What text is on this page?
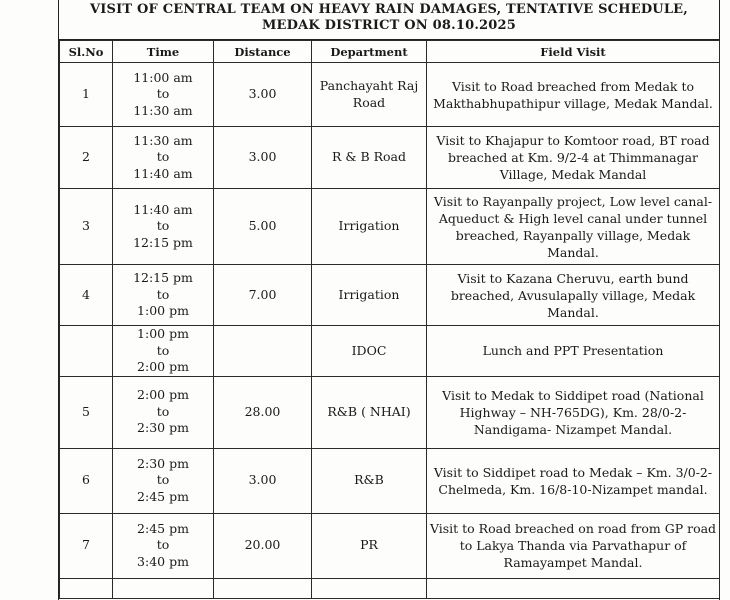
VISIT OF CENTRAL TEAM ON HEAVY RAIN DAMAGES, TENTATIVE SCHEDULE,
MEDAK DISTRICT ON 08.10.2025
Sl.No	Time	Distance	Department	Field Visit
1	11:00 am
to
11:30 am	3.00	Panchayaht Raj Road	Visit to Road breached from Medak to Makthabhupathipur village, Medak Mandal.
2	11:30 am
to
11:40 am	3.00	R & B Road	Visit to Khajapur to Komtoor road, BT road breached at Km. 9/2-4 at Thimmanagar Village, Medak Mandal
3	11:40 am
to
12:15 pm	5.00	Irrigation	Visit to Rayanpally project, Low level canal-Aqueduct & High level canal under tunnel breached, Rayanpally village, Medak Mandal.
4	12:15 pm
to
1:00 pm	7.00	Irrigation	Visit to Kazana Cheruvu, earth bund breached, Avusulapally village, Medak Mandal.

	1:00 pm
to
2:00 pm		IDOC	Lunch and PPT Presentation
5	2:00 pm
to
2:30 pm	28.00	R&B ( NHAI)	Visit to Medak to Siddipet road (National Highway – NH-765DG), Km. 28/0-2-Nandigama- Nizampet Mandal.
6	2:30 pm
to
2:45 pm	3.00	R&B	Visit to Siddipet road to Medak – Km. 3/0-2- Chelmeda, Km. 16/8-10-Nizampet mandal.
7	2:45 pm
to
3:40 pm	20.00	PR	Visit to Road breached on road from GP road to Lakya Thanda via Parvathapur of Ramayampet Mandal.
